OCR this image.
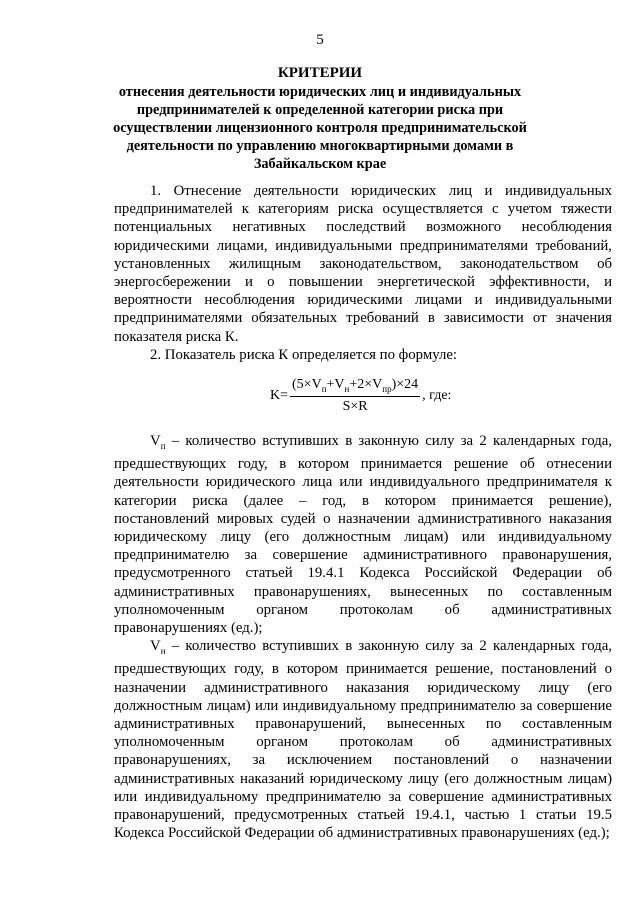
5
КРИТЕРИИ
отнесения деятельности юридических лиц и индивидуальных предпринимателей к определенной категории риска при осуществлении лицензионного контроля предпринимательской деятельности по управлению многоквартирными домами в Забайкальском крае

1. Отнесение деятельности юридических лиц и индивидуальных предпринимателей к категориям риска осуществляется с учетом тяжести потенциальных негативных последствий возможного несоблюдения юридическими лицами, индивидуальными предпринимателями требований, установленных жилищным законодательством, законодательством об энергосбережении и о повышении энергетической эффективности, и вероятности несоблюдения юридическими лицами и индивидуальными предпринимателями обязательных требований в зависимости от значения показателя риска К.

2. Показатель риска К определяется по формуле:

$K= \frac{(5\times V_п+V_н+2\times V_{пр})\times 24}{S\times R}$ , где:

$V_п$ – количество вступивших в законную силу за 2 календарных года, предшествующих году, в котором принимается решение об отнесении деятельности юридического лица или индивидуального предпринимателя к категории риска (далее – год, в котором принимается решение), постановлений мировых судей о назначении административного наказания юридическому лицу (его должностным лицам) или индивидуальному предпринимателю за совершение административного правонарушения, предусмотренного статьей 19.4.1 Кодекса Российской Федерации об административных правонарушениях, вынесенных по составленным уполномоченным органом протоколам об административных правонарушениях (ед.);

$V_н$ – количество вступивших в законную силу за 2 календарных года, предшествующих году, в котором принимается решение, постановлений о назначении административного наказания юридическому лицу (его должностным лицам) или индивидуальному предпринимателю за совершение административных правонарушений, вынесенных по составленным уполномоченным органом протоколам об административных правонарушениях, за исключением постановлений о назначении административных наказаний юридическому лицу (его должностным лицам) или индивидуальному предпринимателю за совершение административных правонарушений, предусмотренных статьей 19.4.1, частью 1 статьи 19.5 Кодекса Российской Федерации об административных правонарушениях (ед.);
